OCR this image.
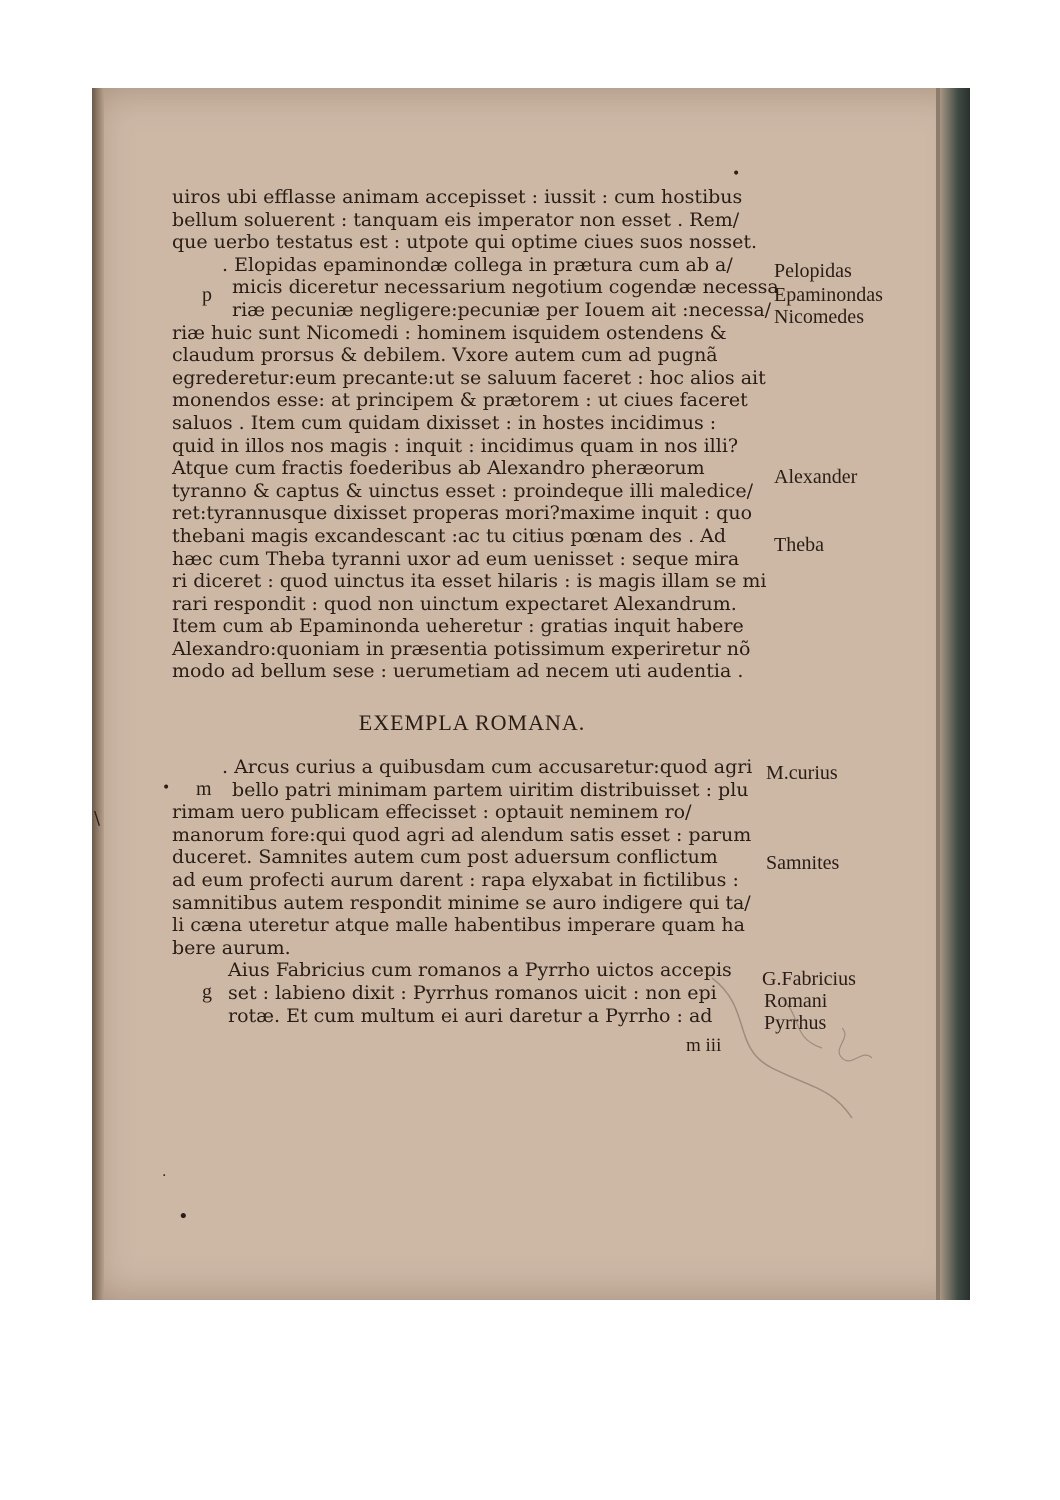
•
uiros ubi efflasse animam accepisset : iussit : cum hostibus
bellum soluerent : tanquam eis imperator non esset . Rem/
que uerbo testatus est : utpote qui optime ciues suos nosset.
. Elopidas epaminondæ collega in prætura cum ab a/
micis diceretur necessarium negotium cogendæ necessa
riæ pecuniæ negligere:pecuniæ per Iouem ait :necessa/
riæ huic sunt Nicomedi : hominem isquidem ostendens &
claudum prorsus & debilem. Vxore autem cum ad pugnã
egrederetur:eum precante:ut se saluum faceret : hoc alios ait
monendos esse: at principem & prætorem : ut ciues faceret
saluos . Item cum quidam dixisset : in hostes incidimus :
quid in illos nos magis : inquit : incidimus quam in nos illi?
Atque cum fractis foederibus ab Alexandro pheræorum
tyranno & captus & uinctus esset : proindeque illi maledice/
ret:tyrannusque dixisset properas mori?maxime inquit : quo
thebani magis excandescant :ac tu citius pœnam des . Ad
hæc cum Theba tyranni uxor ad eum uenisset : seque mira
ri diceret : quod uinctus ita esset hilaris : is magis illam se mi
rari respondit : quod non uinctum expectaret Alexandrum.
Item cum ab Epaminonda ueheretur : gratias inquit habere
Alexandro:quoniam in præsentia potissimum experiretur nõ
modo ad bellum sese : uerumetiam ad necem uti audentia .
EXEMPLA ROMANA.
. Arcus curius a quibusdam cum accusaretur:quod agri
bello patri minimam partem uiritim distribuisset : plu
rimam uero publicam effecisset : optauit neminem ro/
manorum fore:qui quod agri ad alendum satis esset : parum
duceret. Samnites autem cum post aduersum conflictum
ad eum profecti aurum darent : rapa elyxabat in fictilibus :
samnitibus autem respondit minime se auro indigere qui ta/
li cæna uteretur atque malle habentibus imperare quam ha
bere aurum.
Aius Fabricius cum romanos a Pyrrho uictos accepis
set : labieno dixit : Pyrrhus romanos uicit : non epi
rotæ. Et cum multum ei auri daretur a Pyrrho : ad
p
m
g
m iii
Pelopidas
Epaminondas
Nicomedes
Alexander
Theba
M.curius
Samnites
G.Fabricius
Romani
Pyrrhus
•
\
•
·
